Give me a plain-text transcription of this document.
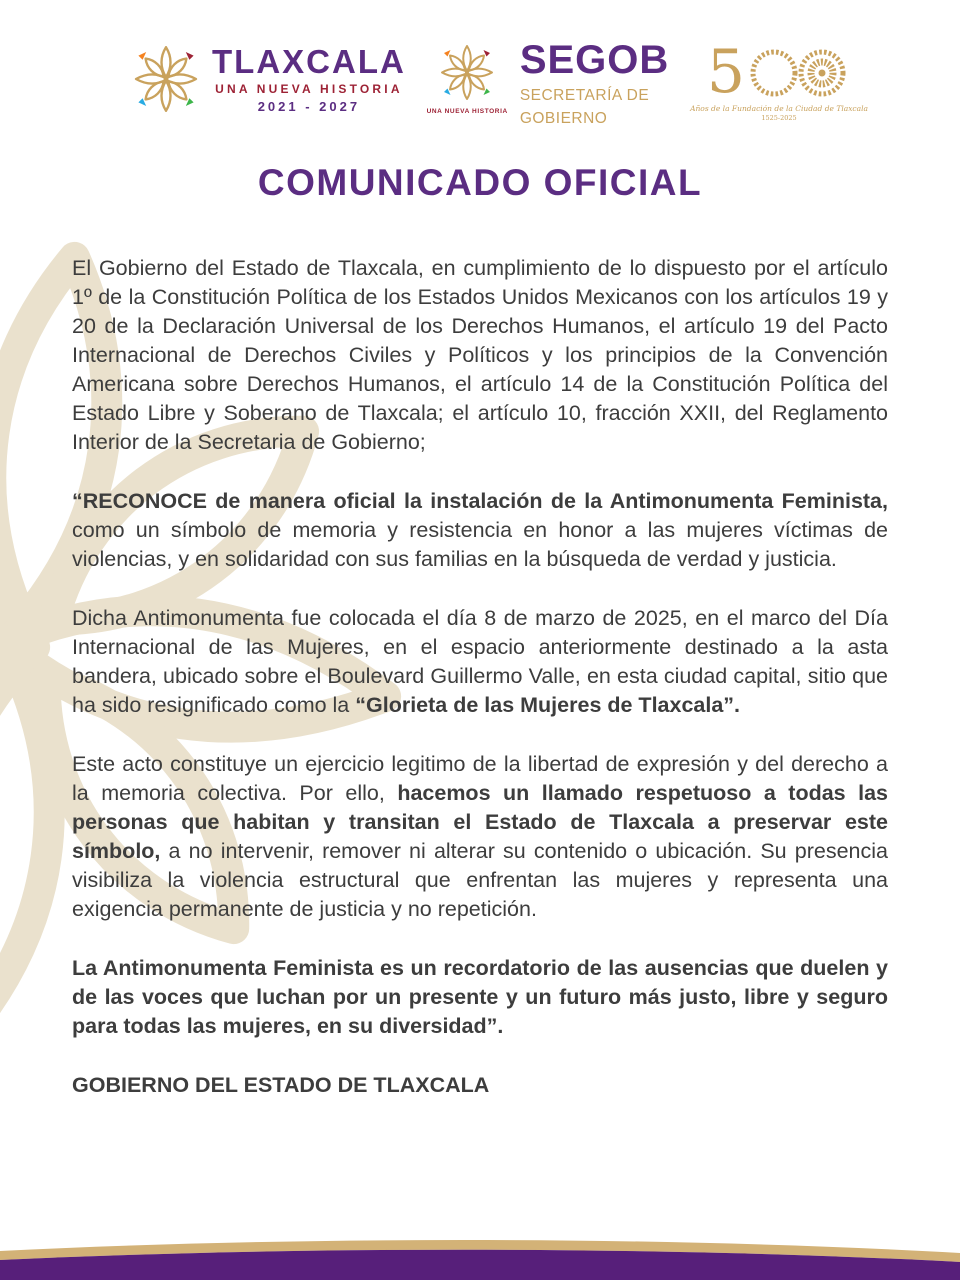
TLAXCALA
UNA NUEVA HISTORIA
2021 - 2027	UNA NUEVA HISTORIA
SEGOB
SECRETARÍA DE
GOBIERNO
5
Años de la Fundación de la Ciudad de Tlaxcala
1525-2025
COMUNICADO OFICIAL

El Gobierno del Estado de Tlaxcala, en cumplimiento de lo dispuesto por el artículo 1º de la Constitución Política de los Estados Unidos Mexicanos con los artículos 19 y 20 de la Declaración Universal de los Derechos Humanos, el artículo 19 del Pacto Internacional de Derechos Civiles y Políticos y los principios de la Convención Americana sobre Derechos Humanos, el artículo 14 de la Constitución Política del Estado Libre y Soberano de Tlaxcala; el artículo 10, fracción XXII, del Reglamento Interior de la Secretaria de Gobierno;

“RECONOCE de manera oficial la instalación de la Antimonumenta Feminista, como un símbolo de memoria y resistencia en honor a las mujeres víctimas de violencias, y en solidaridad con sus familias en la búsqueda de verdad y justicia.

Dicha Antimonumenta fue colocada el día 8 de marzo de 2025, en el marco del Día Internacional de las Mujeres, en el espacio anteriormente destinado a la asta bandera, ubicado sobre el Boulevard Guillermo Valle, en esta ciudad capital, sitio que ha sido resignificado como la “Glorieta de las Mujeres de Tlaxcala”.

Este acto constituye un ejercicio legitimo de la libertad de expresión y del derecho a la memoria colectiva. Por ello, hacemos un llamado respetuoso a todas las personas que habitan y transitan el Estado de Tlaxcala a preservar este símbolo, a no intervenir, remover ni alterar su contenido o ubicación. Su presencia visibiliza la violencia estructural que enfrentan las mujeres y representa una exigencia permanente de justicia y no repetición.

La Antimonumenta Feminista es un recordatorio de las ausencias que duelen y de las voces que luchan por un presente y un futuro más justo, libre y seguro para todas las mujeres, en su diversidad”.

GOBIERNO DEL ESTADO DE TLAXCALA
